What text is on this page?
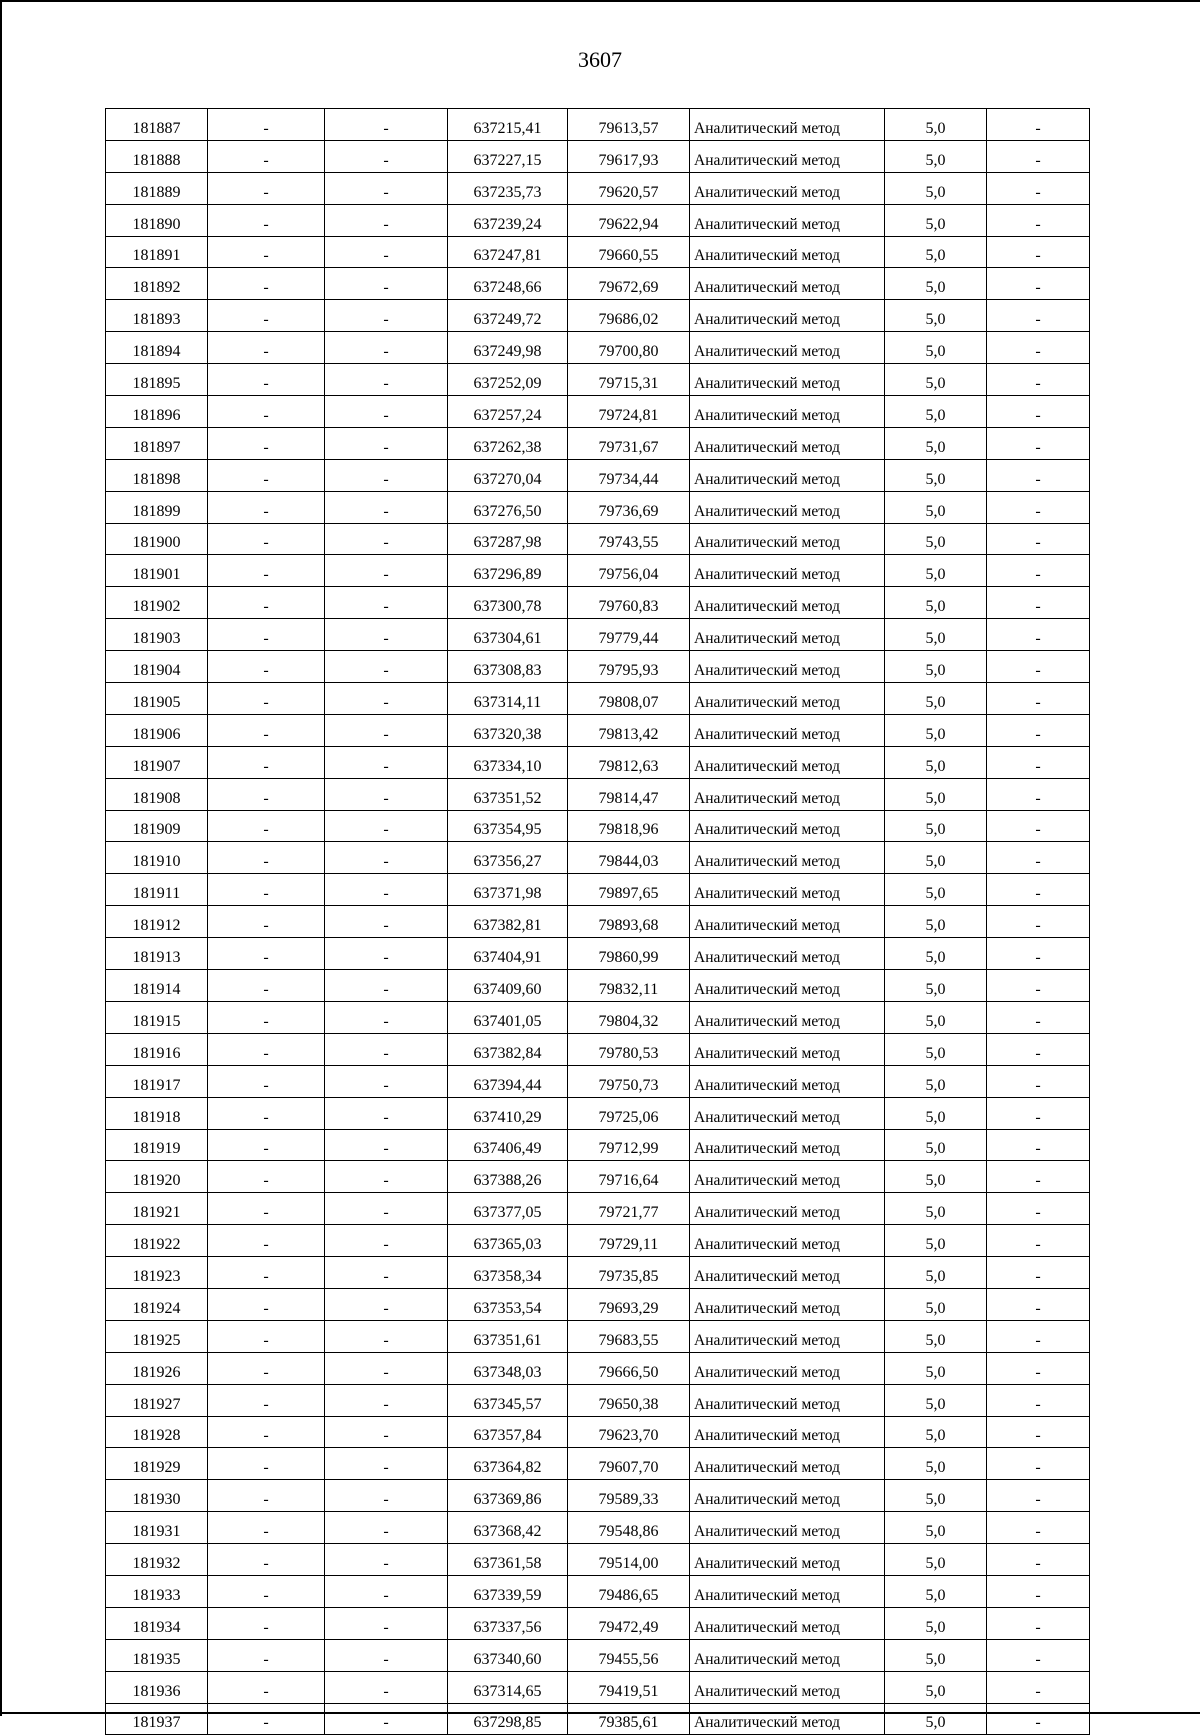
3607
181887	-	-	637215,41	79613,57	Аналитический метод	5,0	-
181888	-	-	637227,15	79617,93	Аналитический метод	5,0	-
181889	-	-	637235,73	79620,57	Аналитический метод	5,0	-
181890	-	-	637239,24	79622,94	Аналитический метод	5,0	-
181891	-	-	637247,81	79660,55	Аналитический метод	5,0	-
181892	-	-	637248,66	79672,69	Аналитический метод	5,0	-
181893	-	-	637249,72	79686,02	Аналитический метод	5,0	-
181894	-	-	637249,98	79700,80	Аналитический метод	5,0	-
181895	-	-	637252,09	79715,31	Аналитический метод	5,0	-
181896	-	-	637257,24	79724,81	Аналитический метод	5,0	-
181897	-	-	637262,38	79731,67	Аналитический метод	5,0	-
181898	-	-	637270,04	79734,44	Аналитический метод	5,0	-
181899	-	-	637276,50	79736,69	Аналитический метод	5,0	-
181900	-	-	637287,98	79743,55	Аналитический метод	5,0	-
181901	-	-	637296,89	79756,04	Аналитический метод	5,0	-
181902	-	-	637300,78	79760,83	Аналитический метод	5,0	-
181903	-	-	637304,61	79779,44	Аналитический метод	5,0	-
181904	-	-	637308,83	79795,93	Аналитический метод	5,0	-
181905	-	-	637314,11	79808,07	Аналитический метод	5,0	-
181906	-	-	637320,38	79813,42	Аналитический метод	5,0	-
181907	-	-	637334,10	79812,63	Аналитический метод	5,0	-
181908	-	-	637351,52	79814,47	Аналитический метод	5,0	-
181909	-	-	637354,95	79818,96	Аналитический метод	5,0	-
181910	-	-	637356,27	79844,03	Аналитический метод	5,0	-
181911	-	-	637371,98	79897,65	Аналитический метод	5,0	-
181912	-	-	637382,81	79893,68	Аналитический метод	5,0	-
181913	-	-	637404,91	79860,99	Аналитический метод	5,0	-
181914	-	-	637409,60	79832,11	Аналитический метод	5,0	-
181915	-	-	637401,05	79804,32	Аналитический метод	5,0	-
181916	-	-	637382,84	79780,53	Аналитический метод	5,0	-
181917	-	-	637394,44	79750,73	Аналитический метод	5,0	-
181918	-	-	637410,29	79725,06	Аналитический метод	5,0	-
181919	-	-	637406,49	79712,99	Аналитический метод	5,0	-
181920	-	-	637388,26	79716,64	Аналитический метод	5,0	-
181921	-	-	637377,05	79721,77	Аналитический метод	5,0	-
181922	-	-	637365,03	79729,11	Аналитический метод	5,0	-
181923	-	-	637358,34	79735,85	Аналитический метод	5,0	-
181924	-	-	637353,54	79693,29	Аналитический метод	5,0	-
181925	-	-	637351,61	79683,55	Аналитический метод	5,0	-
181926	-	-	637348,03	79666,50	Аналитический метод	5,0	-
181927	-	-	637345,57	79650,38	Аналитический метод	5,0	-
181928	-	-	637357,84	79623,70	Аналитический метод	5,0	-
181929	-	-	637364,82	79607,70	Аналитический метод	5,0	-
181930	-	-	637369,86	79589,33	Аналитический метод	5,0	-
181931	-	-	637368,42	79548,86	Аналитический метод	5,0	-
181932	-	-	637361,58	79514,00	Аналитический метод	5,0	-
181933	-	-	637339,59	79486,65	Аналитический метод	5,0	-
181934	-	-	637337,56	79472,49	Аналитический метод	5,0	-
181935	-	-	637340,60	79455,56	Аналитический метод	5,0	-
181936	-	-	637314,65	79419,51	Аналитический метод	5,0	-
181937	-	-	637298,85	79385,61	Аналитический метод	5,0	-
